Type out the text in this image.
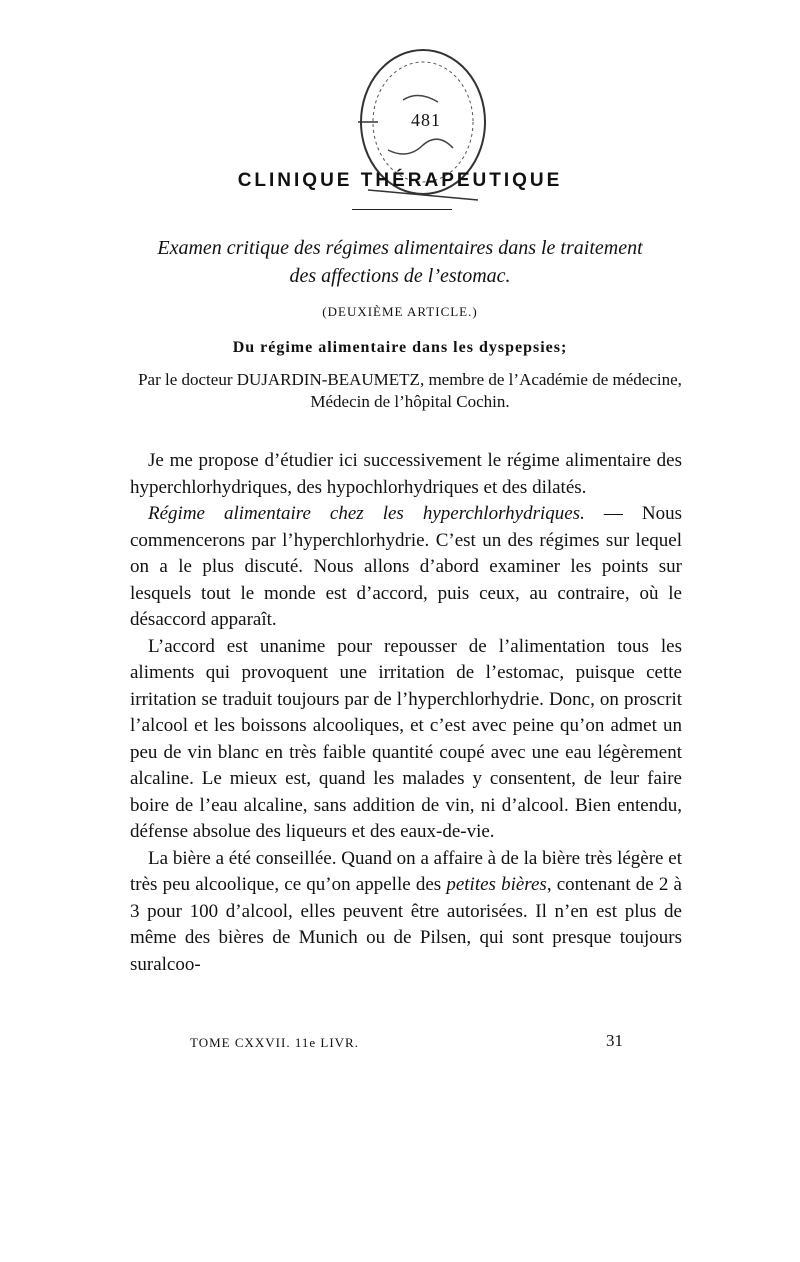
481
CLINIQUE THÉRAPEUTIQUE
Examen critique des régimes alimentaires dans le traitement
des affections de l’estomac.
(DEUXIÈME ARTICLE.)
Du régime alimentaire dans les dyspepsies;
Par le docteur DUJARDIN-BEAUMETZ, membre de l’Académie de médecine,
Médecin de l’hôpital Cochin.

Je me propose d’étudier ici successivement le régime alimentaire des hyperchlorhydriques, des hypochlorhydriques et des dilatés.

Régime alimentaire chez les hyperchlorhydriques. — Nous commencerons par l’hyperchlorhydrie. C’est un des régimes sur lequel on a le plus discuté. Nous allons d’abord examiner les points sur lesquels tout le monde est d’accord, puis ceux, au contraire, où le désaccord apparaît.

L’accord est unanime pour repousser de l’alimentation tous les aliments qui provoquent une irritation de l’estomac, puisque cette irritation se traduit toujours par de l’hyperchlorhydrie. Donc, on proscrit l’alcool et les boissons alcooliques, et c’est avec peine qu’on admet un peu de vin blanc en très faible quantité coupé avec une eau légèrement alcaline. Le mieux est, quand les malades y consentent, de leur faire boire de l’eau alcaline, sans addition de vin, ni d’alcool. Bien entendu, défense absolue des liqueurs et des eaux-de-vie.

La bière a été conseillée. Quand on a affaire à de la bière très légère et très peu alcoolique, ce qu’on appelle des petites bières, contenant de 2 à 3 pour 100 d’alcool, elles peuvent être autorisées. Il n’en est plus de même des bières de Munich ou de Pilsen, qui sont presque toujours suralcoo-

TOME CXXVII. 11e LIVR.	31
